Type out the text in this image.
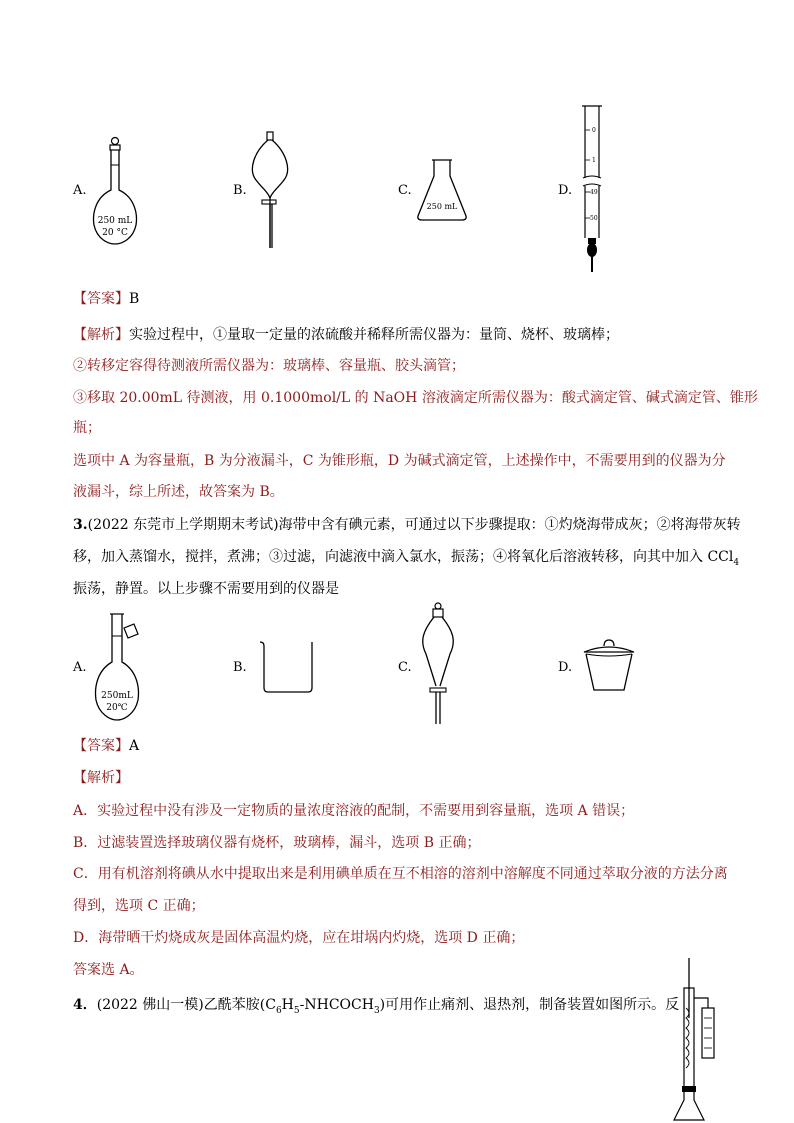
A.
250 mL
20 °C
B.	C.
250 mL
D.
0
1
49
50
【答案】B
【解析】实验过程中，①量取一定量的浓硫酸并稀释所需仪器为：量筒、烧杯、玻璃棒；
②转移定容得待测液所需仪器为：玻璃棒、容量瓶、胶头滴管；
③移取 20.00mL 待测液，用 0.1000mol/L 的 NaOH 溶液滴定所需仪器为：酸式滴定管、碱式滴定管、锥形
瓶；
选项中 A 为容量瓶，B 为分液漏斗，C 为锥形瓶，D 为碱式滴定管，上述操作中，不需要用到的仪器为分
液漏斗，综上所述，故答案为 B。
3.(2022 东莞市上学期期末考试)海带中含有碘元素，可通过以下步骤提取：①灼烧海带成灰；②将海带灰转
移，加入蒸馏水，搅拌，煮沸；③过滤，向滤液中滴入氯水，振荡；④将氧化后溶液转移，向其中加入 CCl$_4$
振荡，静置。以上步骤不需要用到的仪器是
A.
250mL
20℃
B.	C.	D.
【答案】A
【解析】
A．实验过程中没有涉及一定物质的量浓度溶液的配制，不需要用到容量瓶，选项 A 错误；
B．过滤装置选择玻璃仪器有烧杯，玻璃棒，漏斗，选项 B 正确；
C．用有机溶剂将碘从水中提取出来是利用碘单质在互不相溶的溶剂中溶解度不同通过萃取分液的方法分离
得到，选项 C 正确；
D．海带晒干灼烧成灰是固体高温灼烧，应在坩埚内灼烧，选项 D 正确；
答案选 A。
4．(2022 佛山一模)乙酰苯胺$(C_6H_5-NHCOCH_3)$可用作止痛剂、退热剂，制备装置如图所示。反
